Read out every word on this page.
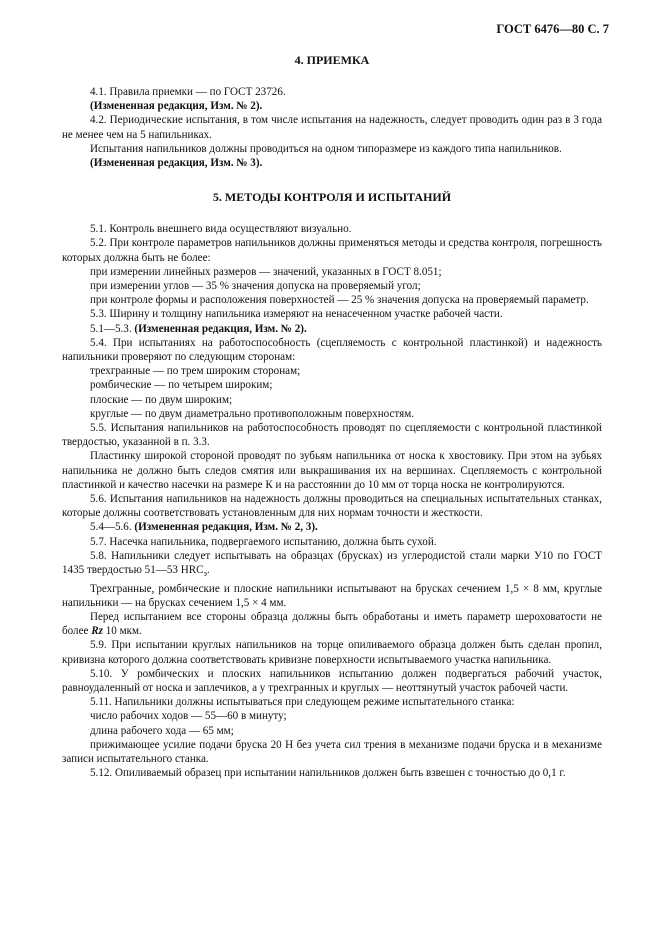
ГОСТ 6476—80 С. 7

4. ПРИЕМКА

4.1. Правила приемки — по ГОСТ 23726.

(Измененная редакция, Изм. № 2).

4.2. Периодические испытания, в том числе испытания на надежность, следует проводить один раз в 3 года не менее чем на 5 напильниках.

Испытания напильников должны проводиться на одном типоразмере из каждого типа напильников.

(Измененная редакция, Изм. № 3).

5. МЕТОДЫ КОНТРОЛЯ И ИСПЫТАНИЙ

5.1. Контроль внешнего вида осуществляют визуально.

5.2. При контроле параметров напильников должны применяться методы и средства контроля, погрешность которых должна быть не более:

при измерении линейных размеров — значений, указанных в ГОСТ 8.051;

при измерении углов — 35 % значения допуска на проверяемый угол;

при контроле формы и расположения поверхностей — 25 % значения допуска на проверяемый параметр.

5.3. Ширину и толщину напильника измеряют на ненасеченном участке рабочей части.

5.1—5.3. (Измененная редакция, Изм. № 2).

5.4. При испытаниях на работоспособность (сцепляемость с контрольной пластинкой) и надежность напильники проверяют по следующим сторонам:

трехгранные — по трем широким сторонам;

ромбические — по четырем широким;

плоские — по двум широким;

круглые — по двум диаметрально противоположным поверхностям.

5.5. Испытания напильников на работоспособность проводят по сцепляемости с контрольной пластинкой твердостью, указанной в п. 3.3.

Пластинку широкой стороной проводят по зубьям напильника от носка к хвостовику. При этом на зубьях напильника не должно быть следов смятия или выкрашивания их на вершинах. Сцепляемость с контрольной пластинкой и качество насечки на размере К и на расстоянии до 10 мм от торца носка не контролируются.

5.6. Испытания напильников на надежность должны проводиться на специальных испытательных станках, которые должны соответствовать установленным для них нормам точности и жесткости.

5.4—5.6. (Измененная редакция, Изм. № 2, 3).

5.7. Насечка напильника, подвергаемого испытанию, должна быть сухой.

5.8. Напильники следует испытывать на образцах (брусках) из углеродистой стали марки У10 по ГОСТ 1435 твердостью 51—53 $HRC_э$.

Трехгранные, ромбические и плоские напильники испытывают на брусках сечением 1,5 × 8 мм, круглые напильники — на брусках сечением 1,5 × 4 мм.

Перед испытанием все стороны образца должны быть обработаны и иметь параметр шероховатости не более Rz 10 мкм.

5.9. При испытании круглых напильников на торце опиливаемого образца должен быть сделан пропил, кривизна которого должна соответствовать кривизне поверхности испытываемого участка напильника.

5.10. У ромбических и плоских напильников испытанию должен подвергаться рабочий участок, равноудаленный от носка и заплечиков, а у трехгранных и круглых — неоттянутый участок рабочей части.

5.11. Напильники должны испытываться при следующем режиме испытательного станка:

число рабочих ходов — 55—60 в минуту;

длина рабочего хода — 65 мм;

прижимающее усилие подачи бруска 20 Н без учета сил трения в механизме подачи бруска и в механизме записи испытательного станка.

5.12. Опиливаемый образец при испытании напильников должен быть взвешен с точностью до 0,1 г.
